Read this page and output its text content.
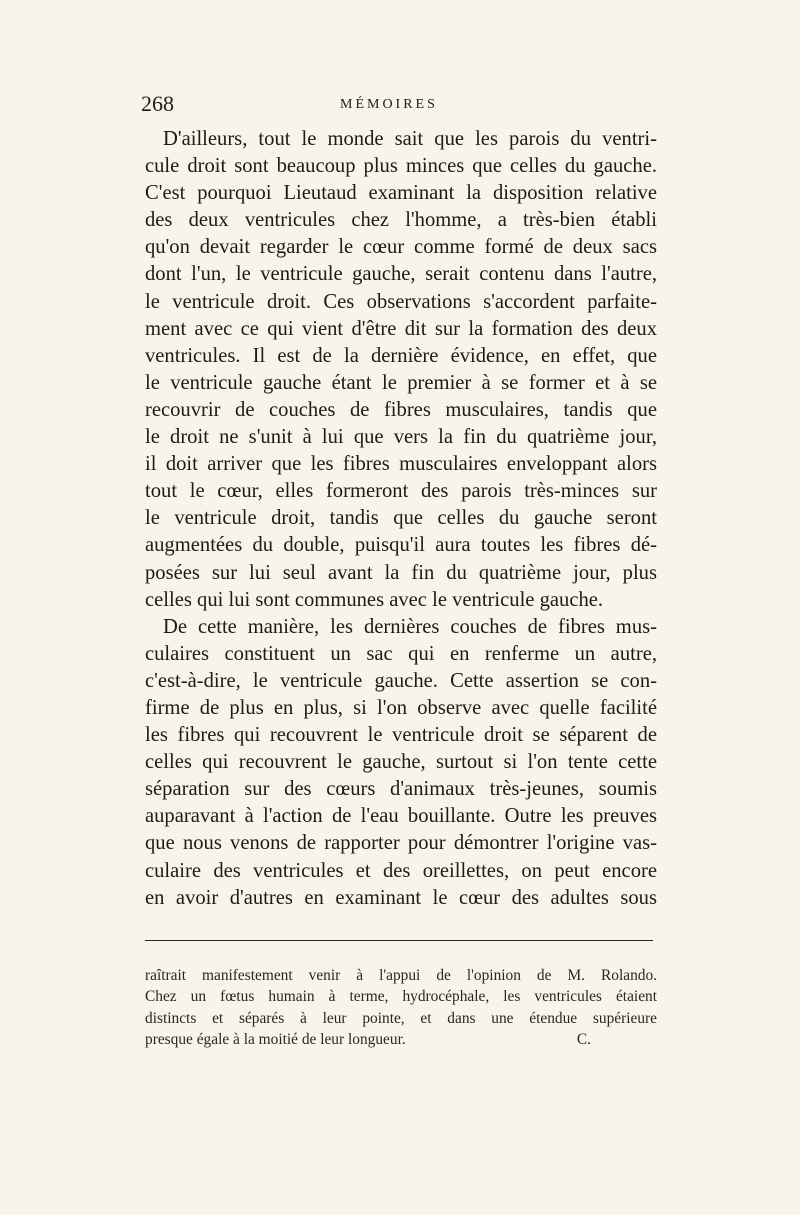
268	MÉMOIRES

D'ailleurs, tout le monde sait que les parois du ventri-
cule droit sont beaucoup plus minces que celles du gauche.
C'est pourquoi Lieutaud examinant la disposition relative
des deux ventricules chez l'homme, a très-bien établi
qu'on devait regarder le cœur comme formé de deux sacs
dont l'un, le ventricule gauche, serait contenu dans l'autre,
le ventricule droit. Ces observations s'accordent parfaite-
ment avec ce qui vient d'être dit sur la formation des deux
ventricules. Il est de la dernière évidence, en effet, que
le ventricule gauche étant le premier à se former et à se
recouvrir de couches de fibres musculaires, tandis que
le droit ne s'unit à lui que vers la fin du quatrième jour,
il doit arriver que les fibres musculaires enveloppant alors
tout le cœur, elles formeront des parois très-minces sur
le ventricule droit, tandis que celles du gauche seront
augmentées du double, puisqu'il aura toutes les fibres dé-
posées sur lui seul avant la fin du quatrième jour, plus
celles qui lui sont communes avec le ventricule gauche.

De cette manière, les dernières couches de fibres mus-
culaires constituent un sac qui en renferme un autre,
c'est-à-dire, le ventricule gauche. Cette assertion se con-
firme de plus en plus, si l'on observe avec quelle facilité
les fibres qui recouvrent le ventricule droit se séparent de
celles qui recouvrent le gauche, surtout si l'on tente cette
séparation sur des cœurs d'animaux très-jeunes, soumis
auparavant à l'action de l'eau bouillante. Outre les preuves
que nous venons de rapporter pour démontrer l'origine vas-
culaire des ventricules et des oreillettes, on peut encore
en avoir d'autres en examinant le cœur des adultes sous

raîtrait manifestement venir à l'appui de l'opinion de M. Rolando.
Chez un fœtus humain à terme, hydrocéphale, les ventricules étaient
distincts et séparés à leur pointe, et dans une étendue supérieure
presque égale à la moitié de leur longueur.	C.
